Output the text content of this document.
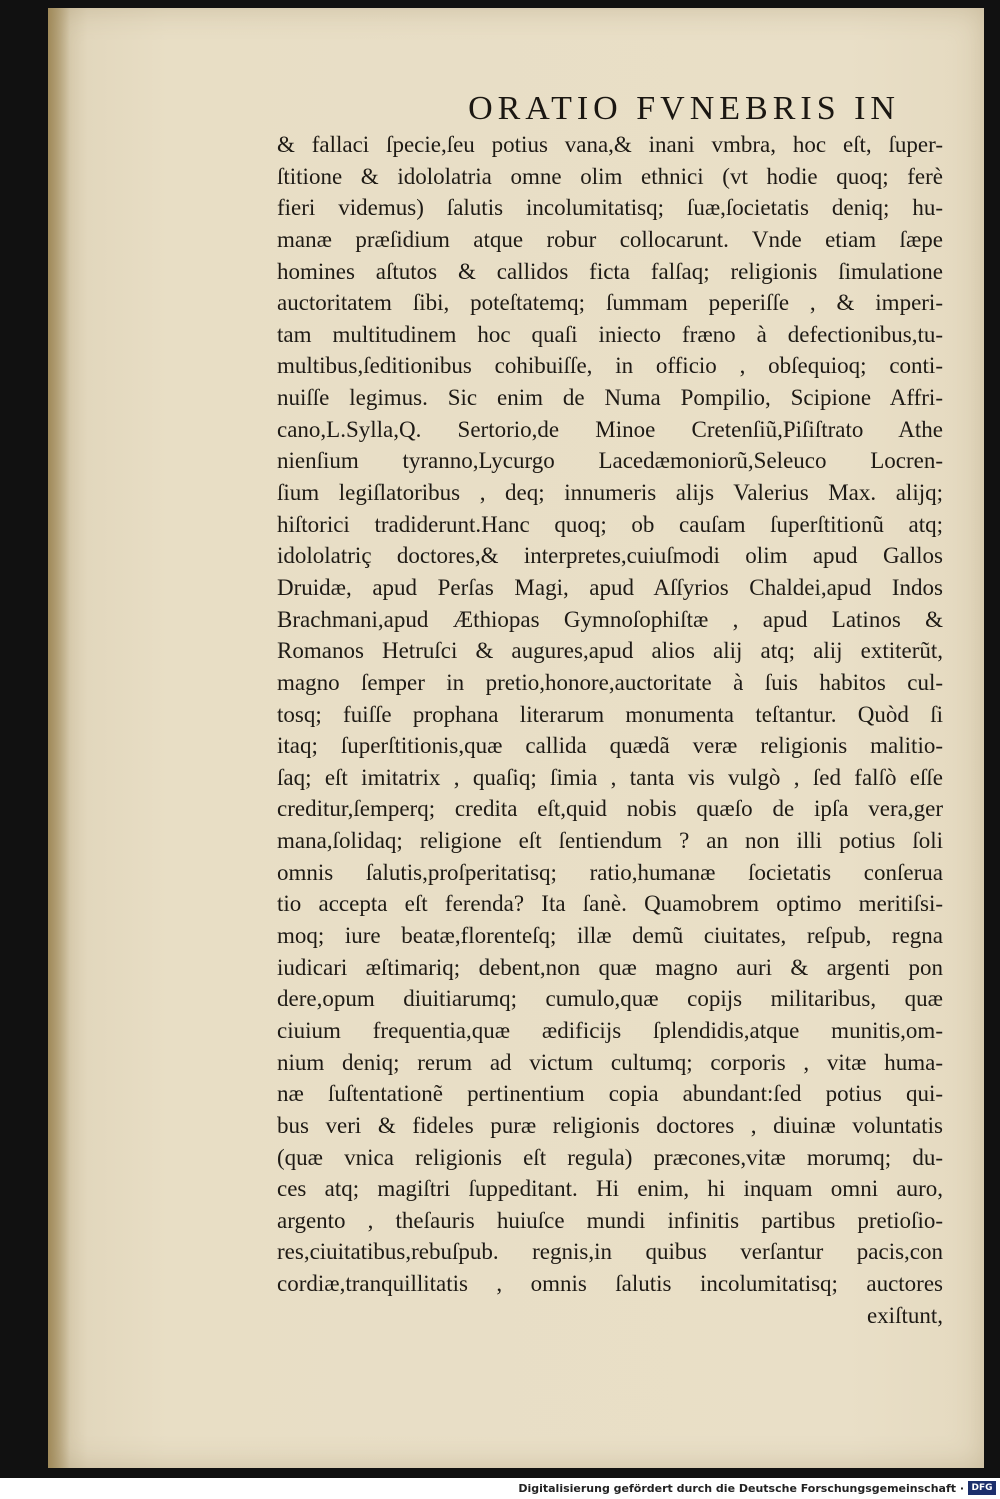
ORATIO FVNEBRIS IN
& fallaci ſpecie,ſeu potius vana,& inani vmbra, hoc eſt, ſuper-
ſtitione & idololatria omne olim ethnici (vt hodie quoq; ferè
fieri videmus) ſalutis incolumitatisq; ſuæ,ſocietatis deniq; hu-
manæ præſidium atque robur collocarunt. Vnde etiam ſæpe
homines aſtutos & callidos ficta falſaq; religionis ſimulatione
auctoritatem ſibi, poteſtatemq; ſummam peperiſſe , & imperi-
tam multitudinem hoc quaſi iniecto fræno à defectionibus,tu-
multibus,ſeditionibus cohibuiſſe, in officio , obſequioq; conti-
nuiſſe legimus. Sic enim de Numa Pompilio, Scipione Affri-
cano,L.Sylla,Q. Sertorio,de Minoe Cretenſiũ,Piſiſtrato Athe
nienſium tyranno,Lycurgo Lacedæmoniorũ,Seleuco Locren-
ſium legiſlatoribus , deq; innumeris alijs Valerius Max. alijq;
hiſtorici tradiderunt.Hanc quoq; ob cauſam ſuperſtitionũ atq;
idololatriç doctores,& interpretes,cuiuſmodi olim apud Gallos
Druidæ, apud Perſas Magi, apud Aſſyrios Chaldei,apud Indos
Brachmani,apud Æthiopas Gymnoſophiſtæ , apud Latinos &
Romanos Hetruſci & augures,apud alios alij atq; alij extiterũt,
magno ſemper in pretio,honore,auctoritate à ſuis habitos cul-
tosq; fuiſſe prophana literarum monumenta teſtantur. Quòd ſi
itaq; ſuperſtitionis,quæ callida quædã veræ religionis malitio-
ſaq; eſt imitatrix , quaſiq; ſimia , tanta vis vulgò , ſed falſò eſſe
creditur,ſemperq; credita eſt,quid nobis quæſo de ipſa vera,ger
mana,ſolidaq; religione eſt ſentiendum ? an non illi potius ſoli
omnis ſalutis,proſperitatisq; ratio,humanæ ſocietatis conſerua
tio accepta eſt ferenda? Ita ſanè. Quamobrem optimo meritiſsi-
moq; iure beatæ,florenteſq; illæ demũ ciuitates, reſpub, regna
iudicari æſtimariq; debent,non quæ magno auri & argenti pon
dere,opum diuitiarumq; cumulo,quæ copijs militaribus, quæ
ciuium frequentia,quæ ædificijs ſplendidis,atque munitis,om-
nium deniq; rerum ad victum cultumq; corporis , vitæ huma-
næ ſuſtentationẽ pertinentium copia abundant:ſed potius qui-
bus veri & fideles puræ religionis doctores , diuinæ voluntatis
(quæ vnica religionis eſt regula) præcones,vitæ morumq; du-
ces atq; magiſtri ſuppeditant. Hi enim, hi inquam omni auro,
argento , theſauris huiuſce mundi infinitis partibus pretioſio-
res,ciuitatibus,rebuſpub. regnis,in quibus verſantur pacis,con
cordiæ,tranquillitatis , omnis ſalutis incolumitatisq; auctores
exiſtunt,
Digitalisierung gefördert durch die Deutsche Forschungsgemeinschaft · DFG
